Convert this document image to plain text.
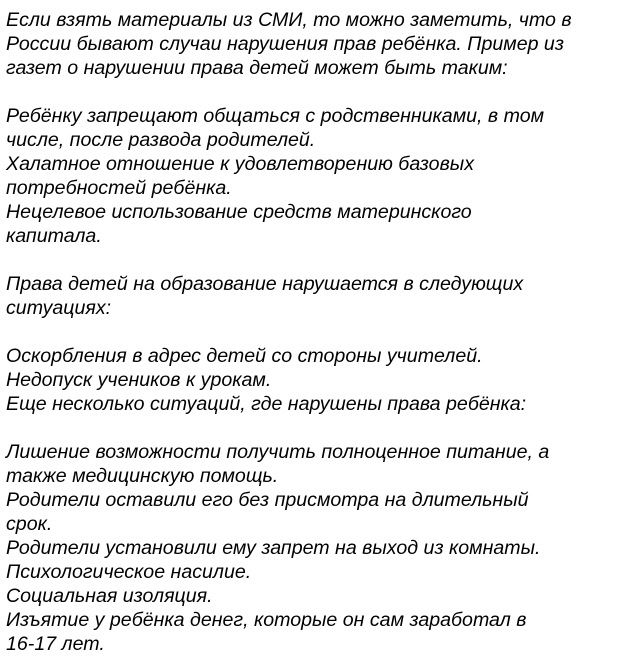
Если взять материалы из СМИ, то можно заметить, что в
России бывают случаи нарушения прав ребёнка. Пример из
газет о нарушении права детей может быть таким:
Ребёнку запрещают общаться с родственниками, в том
числе, после развода родителей.
Халатное отношение к удовлетворению базовых
потребностей ребёнка.
Нецелевое использование средств материнского
капитала.
Права детей на образование нарушается в следующих
ситуациях:
Оскорбления в адрес детей со стороны учителей.
Недопуск учеников к урокам.
Еще несколько ситуаций, где нарушены права ребёнка:
Лишение возможности получить полноценное питание, а
также медицинскую помощь.
Родители оставили его без присмотра на длительный
срок.
Родители установили ему запрет на выход из комнаты.
Психологическое насилие.
Социальная изоляция.
Изъятие у ребёнка денег, которые он сам заработал в
16-17 лет.
